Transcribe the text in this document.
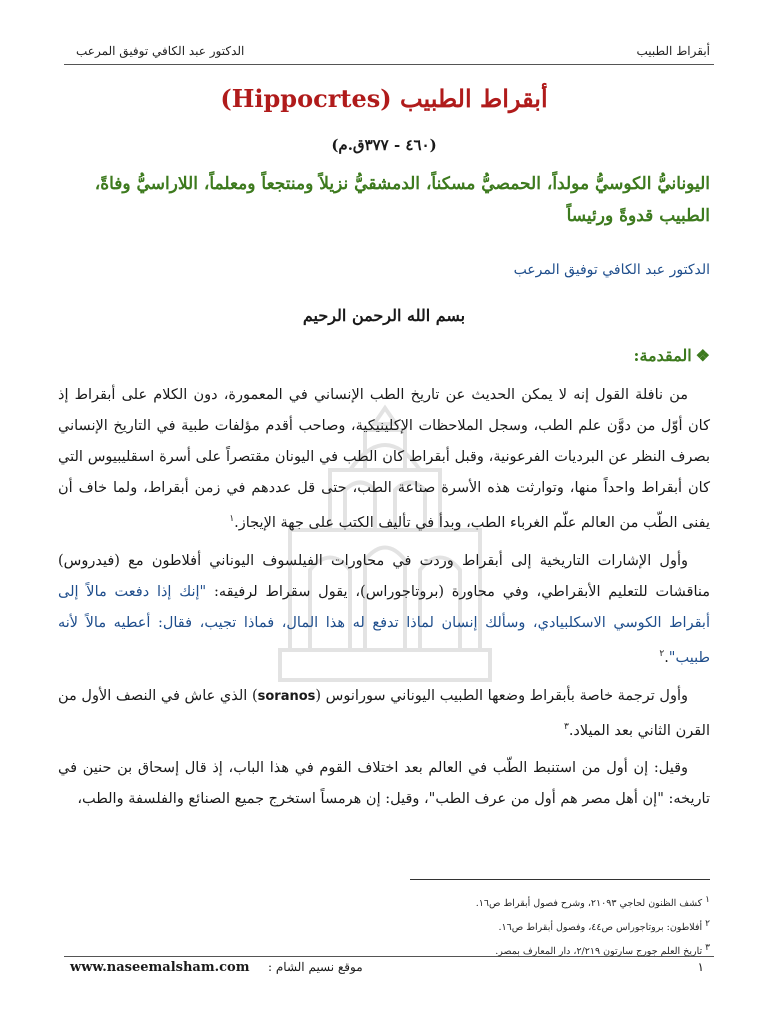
أبقراط الطبيب
الدكتور عبد الكافي توفيق المرعب
أبقراط الطبيب (Hippocrtes)
(٤٦٠ - ٣٧٧ق.م)

اليونانيُّ الكوسيُّ مولداً، الحمصيُّ مسكناً، الدمشقيُّ نزيلاً ومنتجعاً ومعلماً، اللاراسيُّ وفاةً، الطبيب قدوةً ورئيساً

الدكتور عبد الكافي توفيق المرعب
بسم الله الرحمن الرحيم
❖المقدمة:

من نافلة القول إنه لا يمكن الحديث عن تاريخ الطب الإنساني في المعمورة، دون الكلام على أبقراط إذ كان أوّل من دوَّن علم الطب، وسجل الملاحظات الإكلينيكية، وصاحب أقدم مؤلفات طبية في التاريخ الإنساني بصرف النظر عن البرديات الفرعونية، وقبل أبقراط كان الطب في اليونان مقتصراً على أسرة اسقليبيوس التي كان أبقراط واحداً منها، وتوارثت هذه الأسرة صناعة الطب، حتى قل عددهم في زمن أبقراط، ولما خاف أن يفنى الطّب من العالم علّم الغرباء الطب، وبدأ في تأليف الكتب على جهة الإيجاز.$^١$

وأول الإشارات التاريخية إلى أبقراط وردت في محاورات الفيلسوف اليوناني أفلاطون مع (فيدروس) مناقشات للتعليم الأبقراطي، وفي محاورة (بروتاجوراس)، يقول سقراط لرفيقه: "إنك إذا دفعت مالاً إلى أبقراط الكوسي الاسكلبيادي، وسألك إنسان لماذا تدفع له هذا المال، فماذا تجيب، فقال: أعطيه مالاً لأنه طبيب".$^٢$

وأول ترجمة خاصة بأبقراط وضعها الطبيب اليوناني سورانوس (soranos) الذي عاش في النصف الأول من القرن الثاني بعد الميلاد.$^٣$

وقيل: إن أول من استنبط الطّب في العالم بعد اختلاف القوم في هذا الباب، إذ قال إسحاق بن حنين في تاريخه: "إن أهل مصر هم أول من عرف الطب"، وقيل: إن هرمساً استخرج جميع الصنائع والفلسفة والطب،

$^١$ كشف الظنون لحاجي ٢١٠٩٣، وشرح فصول أبقراط ص١٦.
$^٢$ أفلاطون: بروتاجوراس ص٤٤، وفصول أبقراط ص١٦.
$^٣$ تاريخ العلم جورج سارتون ٢/٢١٩، دار المعارف بمصر.
www.naseemalsham.com موقع نسيم الشام :	١
